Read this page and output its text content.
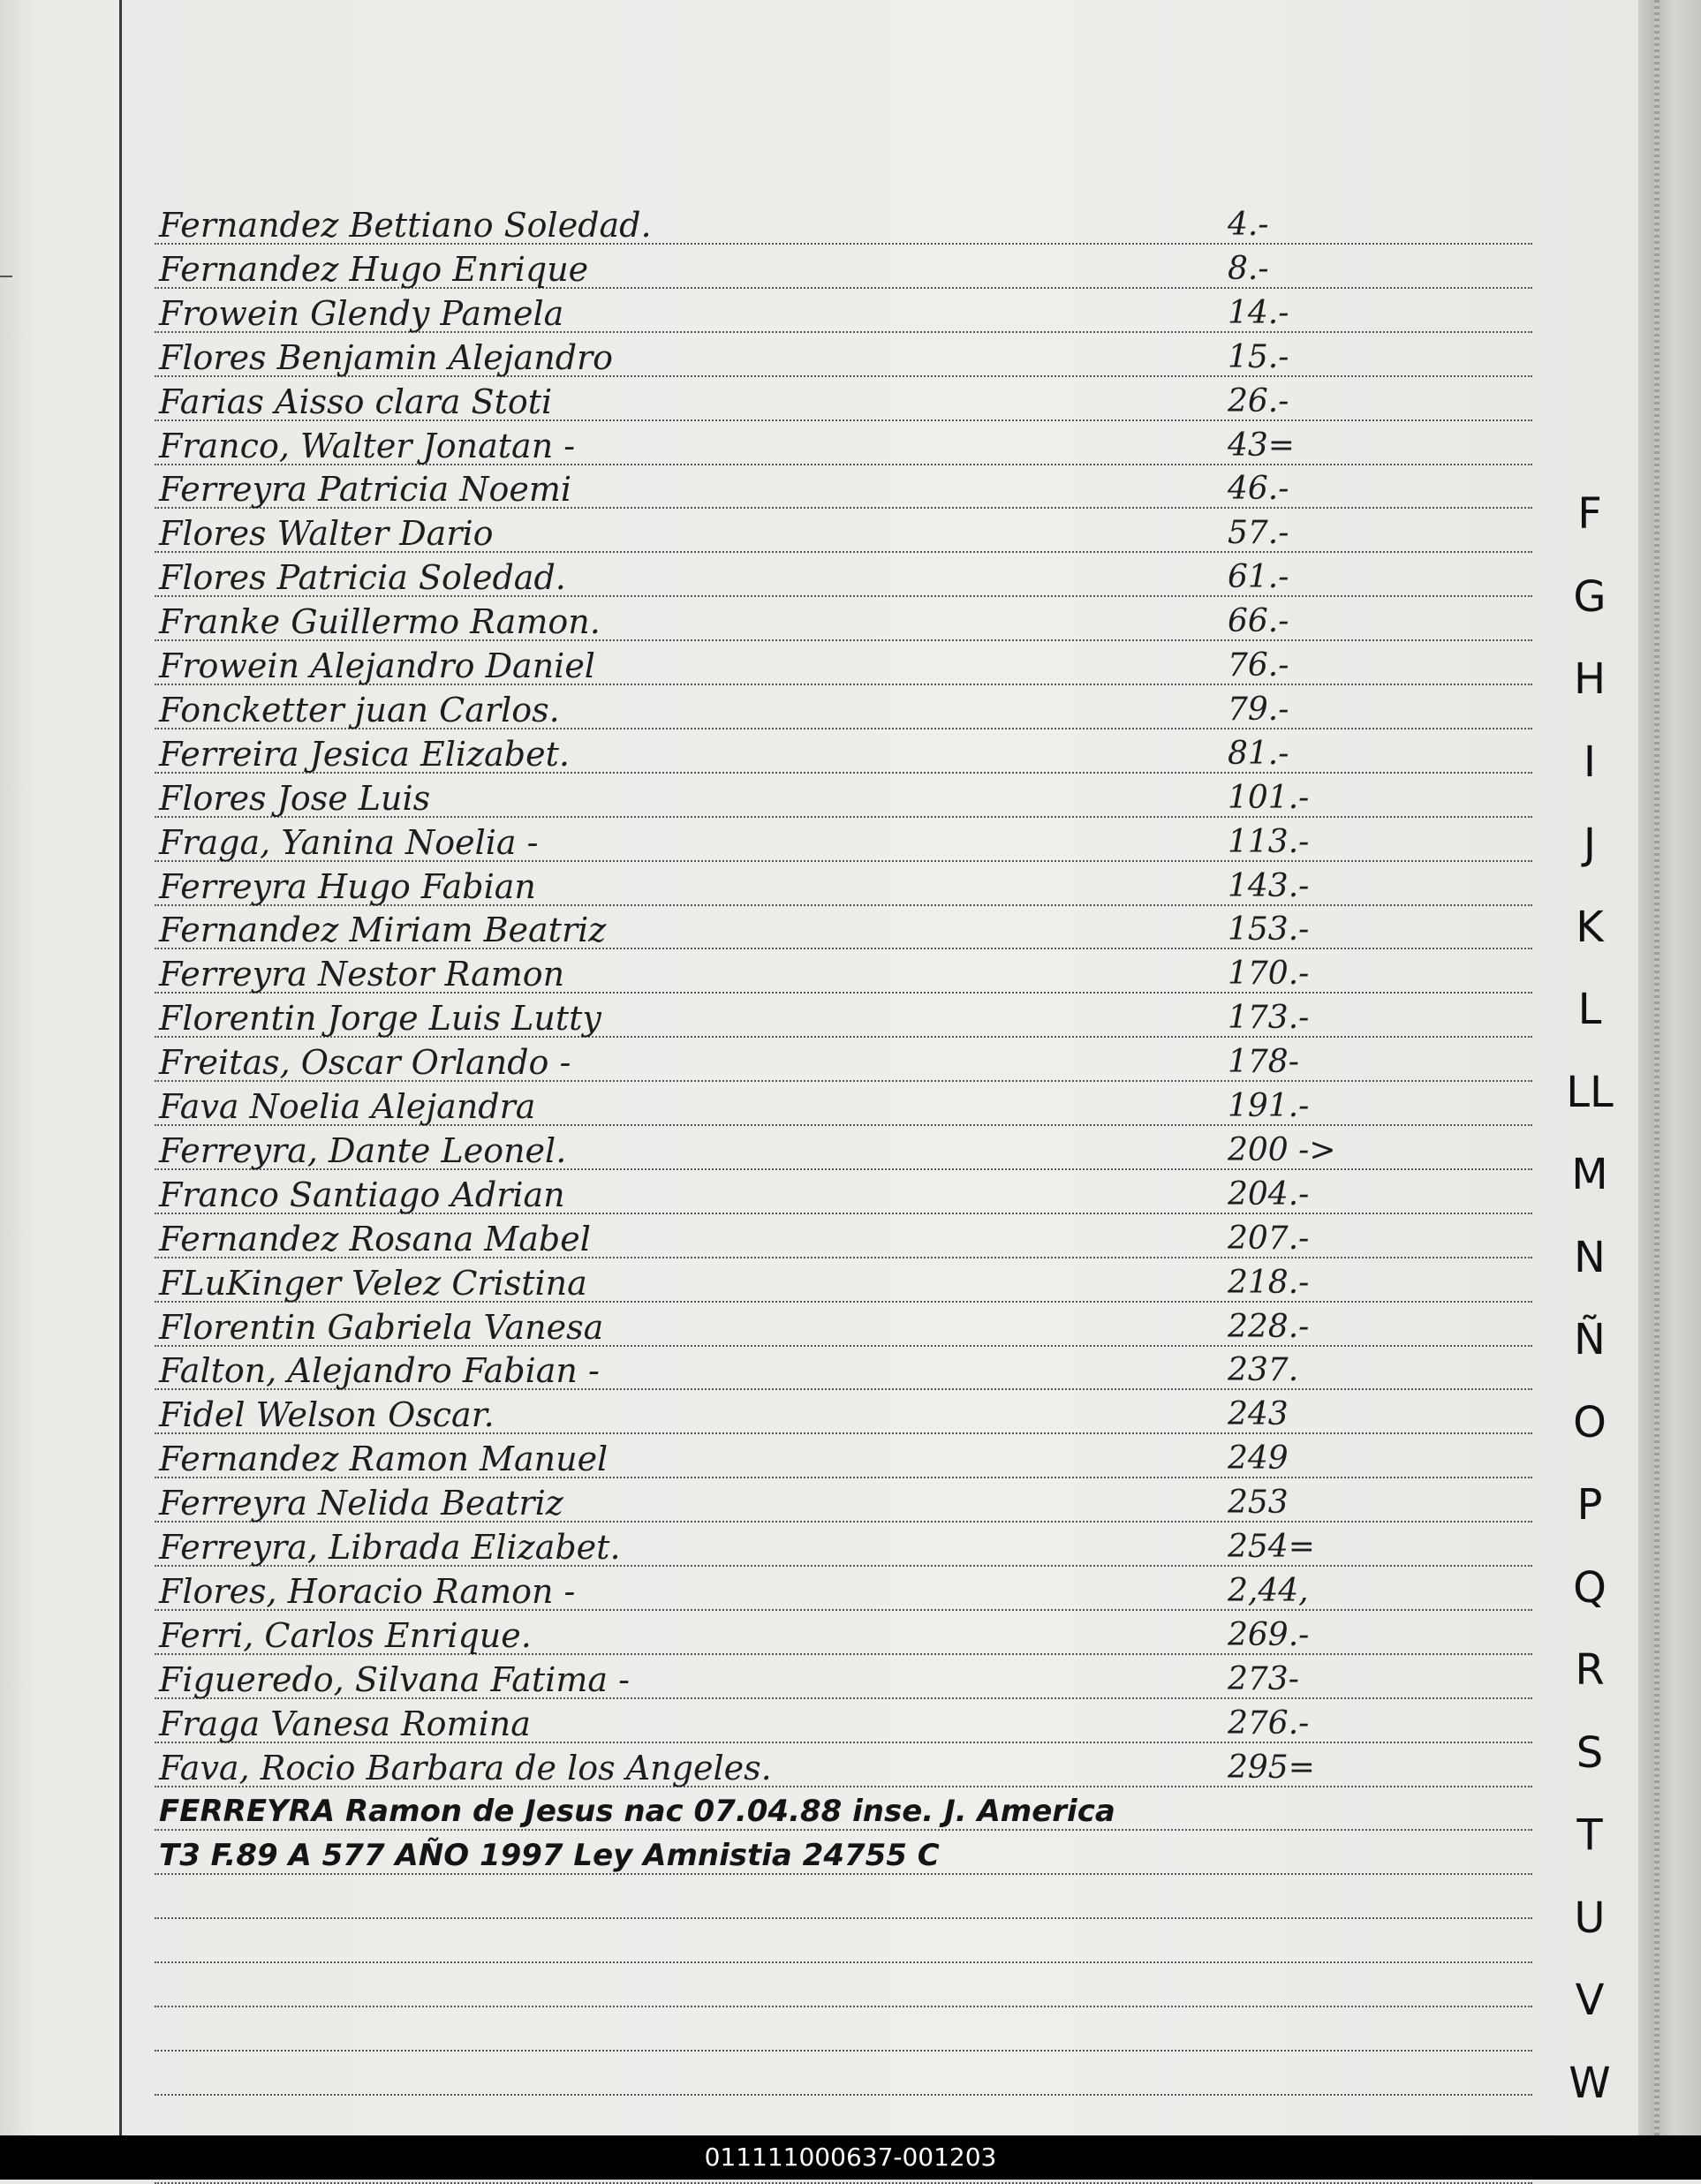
Fernandez Bettiano Soledad.	4.-
Fernandez Hugo Enrique	8.-
Frowein Glendy Pamela	14.-
Flores Benjamin Alejandro	15.-
Farias Aisso clara Stoti	26.-
Franco, Walter Jonatan -	43=
Ferreyra Patricia Noemi	46.-
Flores Walter Dario	57.-
Flores Patricia Soledad.	61.-
Franke Guillermo Ramon.	66.-
Frowein Alejandro Daniel	76.-
Foncketter juan Carlos.	79.-
Ferreira Jesica Elizabet.	81.-
Flores Jose Luis	101.-
Fraga, Yanina Noelia -	113.-
Ferreyra Hugo Fabian	143.-
Fernandez Miriam Beatriz	153.-
Ferreyra Nestor Ramon	170.-
Florentin Jorge Luis Lutty	173.-
Freitas, Oscar Orlando -	178-
Fava Noelia Alejandra	191.-
Ferreyra, Dante Leonel.	200 ->
Franco Santiago Adrian	204.-
Fernandez Rosana Mabel	207.-
FLuKinger Velez Cristina	218.-
Florentin Gabriela Vanesa	228.-
Falton, Alejandro Fabian -	237.
Fidel Welson Oscar.	243
Fernandez Ramon Manuel	249
Ferreyra Nelida Beatriz	253
Ferreyra, Librada Elizabet.	254=
Flores, Horacio Ramon -	2,44,
Ferri, Carlos Enrique.	269.-
Figueredo, Silvana Fatima -	273-
Fraga Vanesa Romina	276.-
Fava, Rocio Barbara de los Angeles.	295=
FERREYRA Ramon de Jesus nac 07.04.88 inse. J. America
T3 F.89 A 577 AÑO 1997 Ley Amnistia 24755 C
F
G
H
I
J
K
L
LL
M
N
Ñ
O
P
Q
R
S
T
U
V
W
011111000637-001203
